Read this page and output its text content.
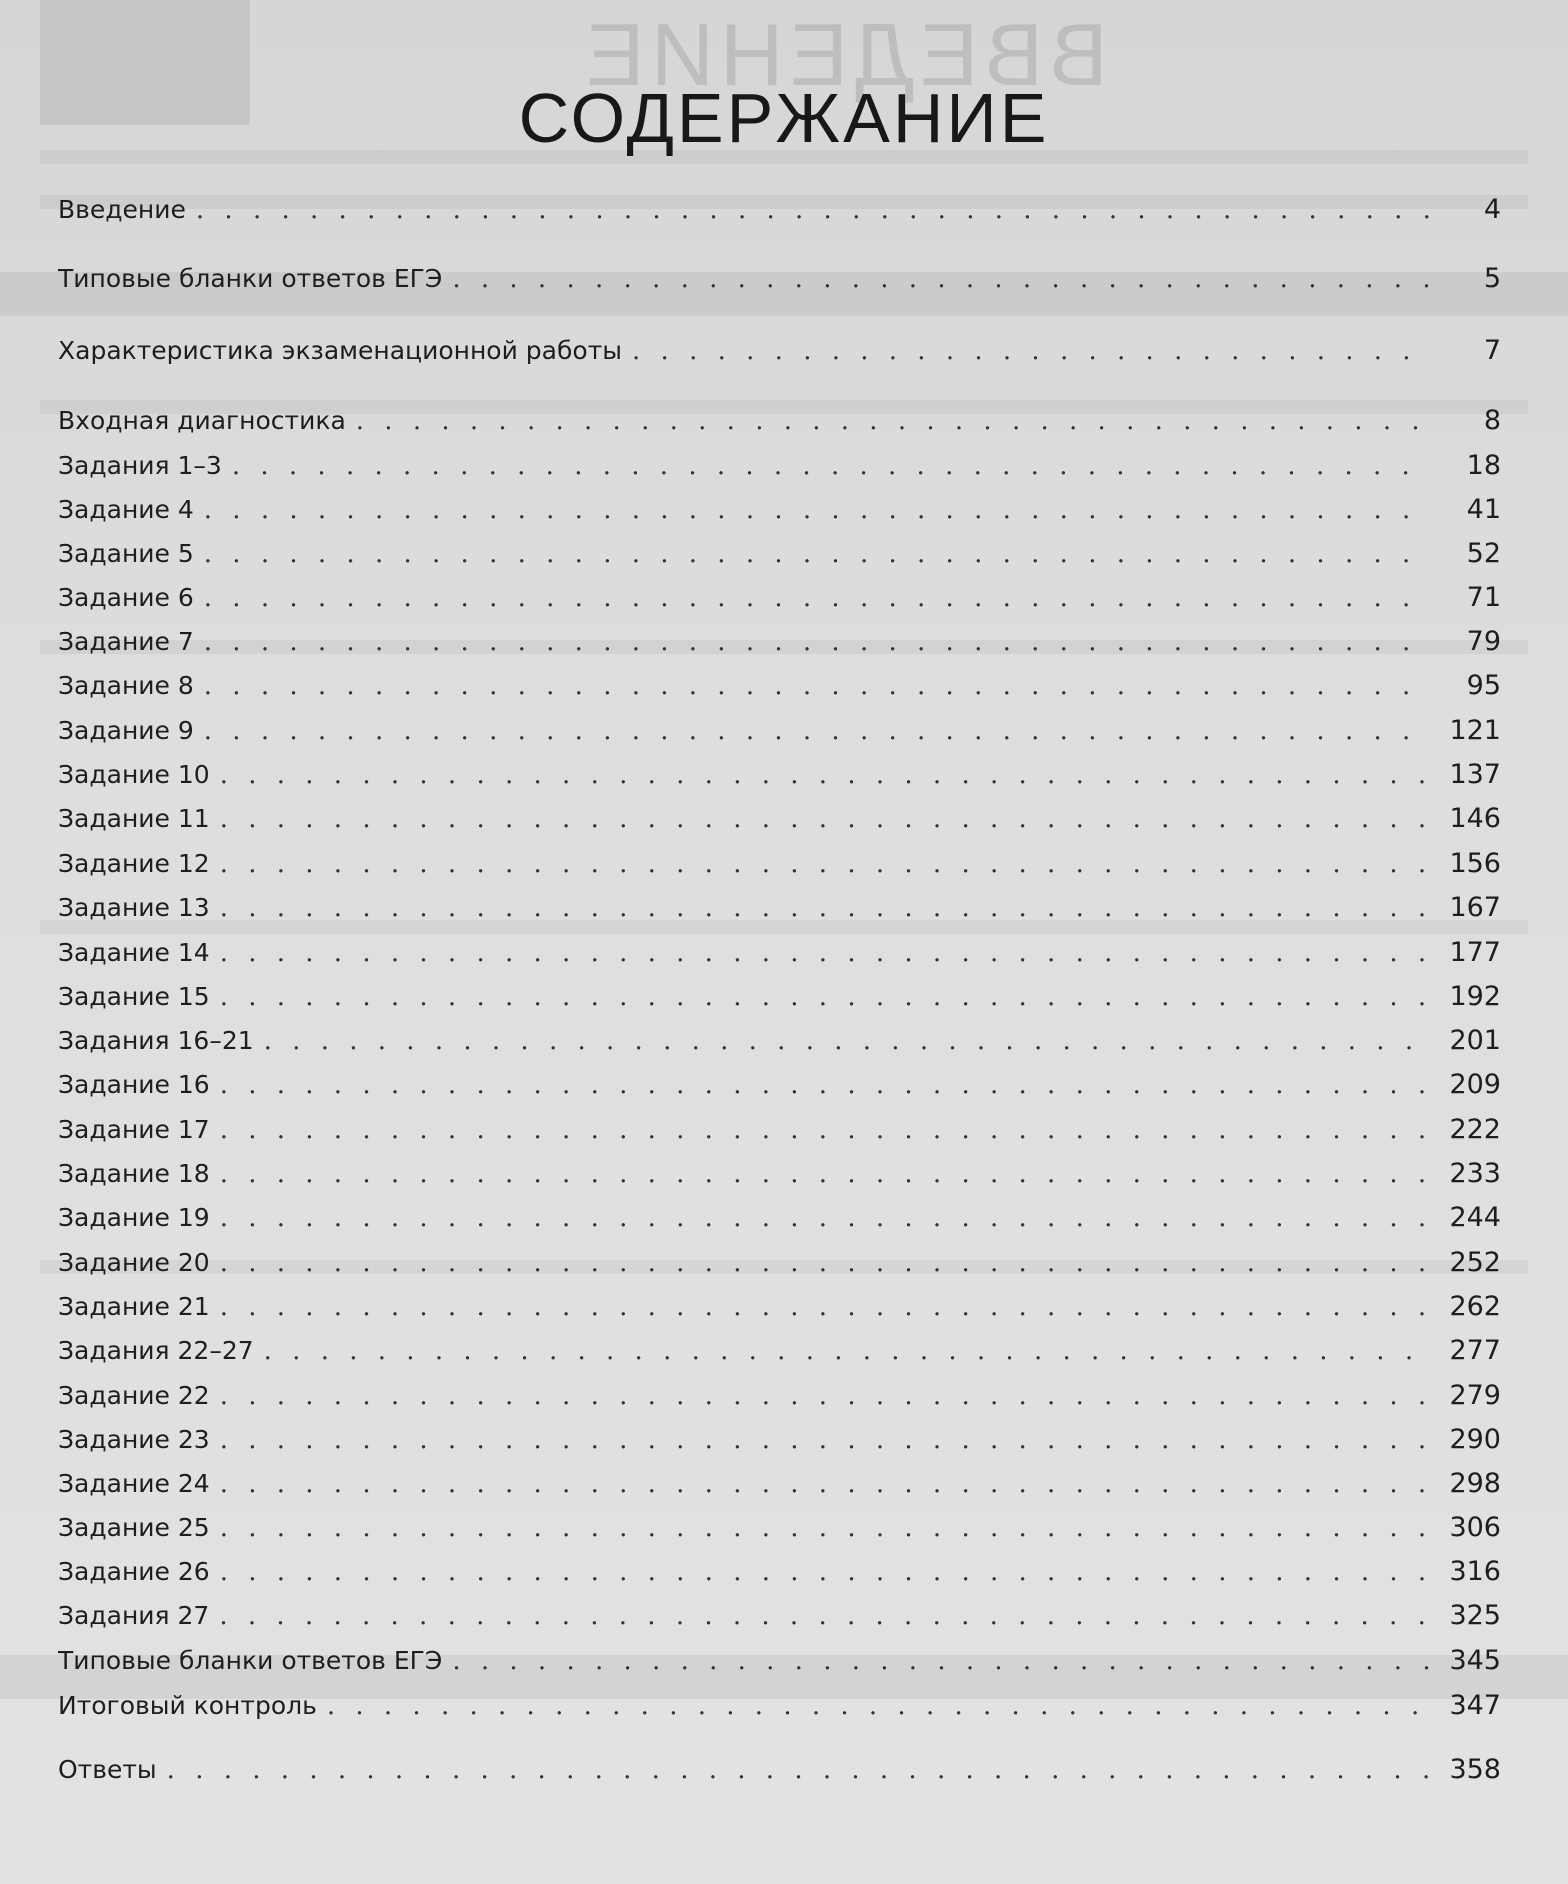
ВВЕДЕНИЕ
СОДЕРЖАНИЕ
Введение . . .	4
Типовые бланки ответов ЕГЭ . . .	5
Характеристика экзаменационной работы . . .	7
Входная диагностика . . .	8
Задания 1–3 . . .	18
Задание 4 . . .	41
Задание 5 . . .	52
Задание 6 . . .	71
Задание 7 . . .	79
Задание 8 . . .	95
Задание 9 . . .	121
Задание 10 . . .	137
Задание 11 . . .	146
Задание 12 . . .	156
Задание 13 . . .	167
Задание 14 . . .	177
Задание 15 . . .	192
Задания 16–21 . . .	201
Задание 16 . . .	209
Задание 17 . . .	222
Задание 18 . . .	233
Задание 19 . . .	244
Задание 20 . . .	252
Задание 21 . . .	262
Задания 22–27 . . .	277
Задание 22 . . .	279
Задание 23 . . .	290
Задание 24 . . .	298
Задание 25 . . .	306
Задание 26 . . .	316
Задания 27 . . .	325
Типовые бланки ответов ЕГЭ . . .	345
Итоговый контроль . . .	347
Ответы . . .	358
